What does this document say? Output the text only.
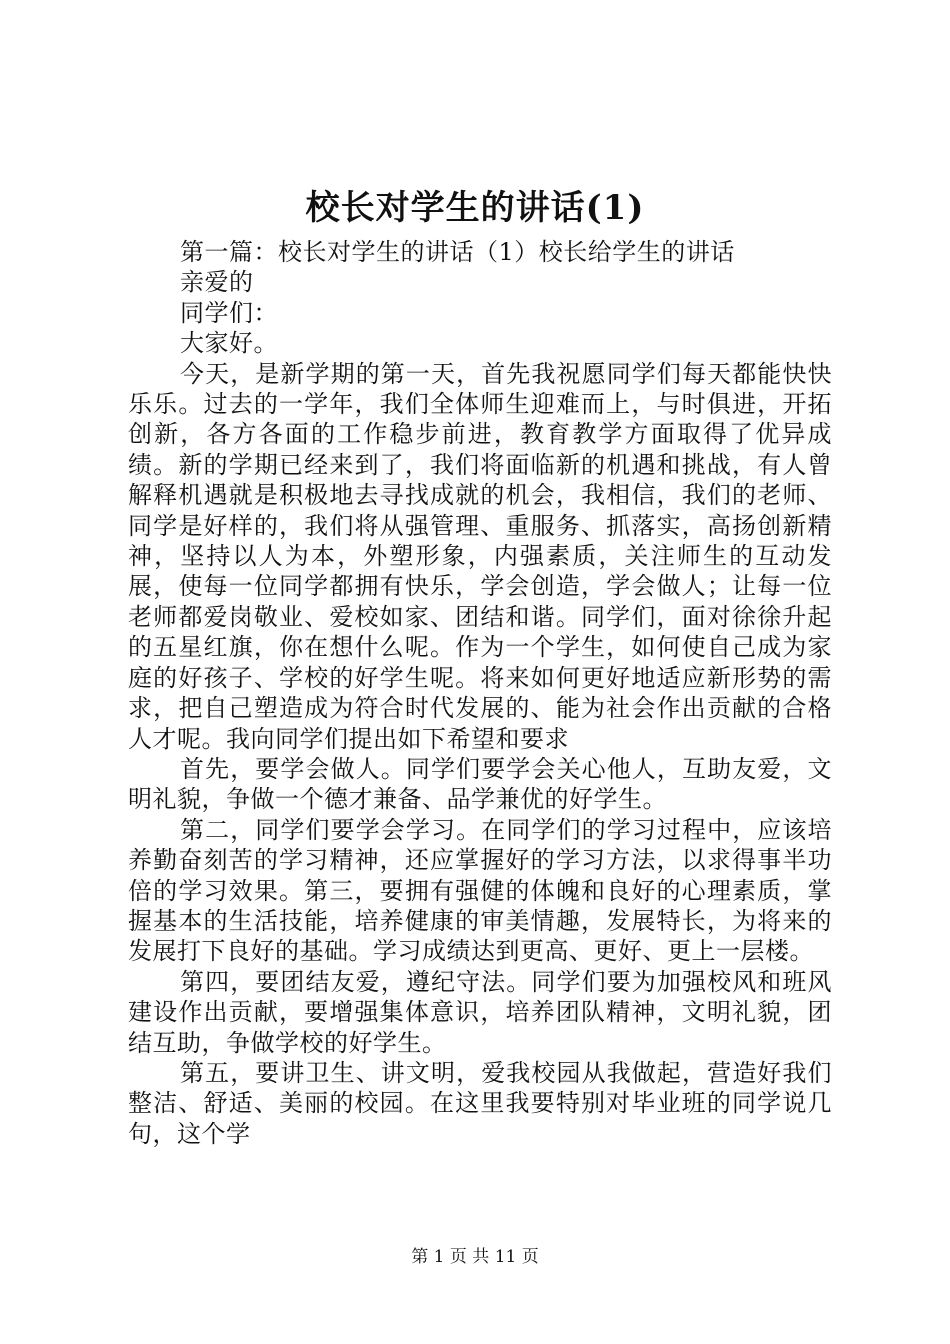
校长对学生的讲话(1)

第一篇：校长对学生的讲话（1）校长给学生的讲话

亲爱的

同学们：

大家好。

今天，是新学期的第一天，首先我祝愿同学们每天都能快快乐乐。过去的一学年，我们全体师生迎难而上，与时俱进，开拓创新，各方各面的工作稳步前进，教育教学方面取得了优异成绩。新的学期已经来到了，我们将面临新的机遇和挑战，有人曾解释机遇就是积极地去寻找成就的机会，我相信，我们的老师、同学是好样的，我们将从强管理、重服务、抓落实，高扬创新精神，坚持以人为本，外塑形象，内强素质，关注师生的互动发展，使每一位同学都拥有快乐，学会创造，学会做人；让每一位老师都爱岗敬业、爱校如家、团结和谐。同学们，面对徐徐升起的五星红旗，你在想什么呢。作为一个学生，如何使自己成为家庭的好孩子、学校的好学生呢。将来如何更好地适应新形势的需求，把自己塑造成为符合时代发展的、能为社会作出贡献的合格人才呢。我向同学们提出如下希望和要求

首先，要学会做人。同学们要学会关心他人，互助友爱，文明礼貌，争做一个德才兼备、品学兼优的好学生。

第二，同学们要学会学习。在同学们的学习过程中，应该培养勤奋刻苦的学习精神，还应掌握好的学习方法，以求得事半功倍的学习效果。第三，要拥有强健的体魄和良好的心理素质，掌握基本的生活技能，培养健康的审美情趣，发展特长，为将来的发展打下良好的基础。学习成绩达到更高、更好、更上一层楼。

第四，要团结友爱，遵纪守法。同学们要为加强校风和班风建设作出贡献，要增强集体意识，培养团队精神，文明礼貌，团结互助，争做学校的好学生。

第五，要讲卫生、讲文明，爱我校园从我做起，营造好我们整洁、舒适、美丽的校园。在这里我要特别对毕业班的同学说几句，这个学

第 1 页 共 11 页
